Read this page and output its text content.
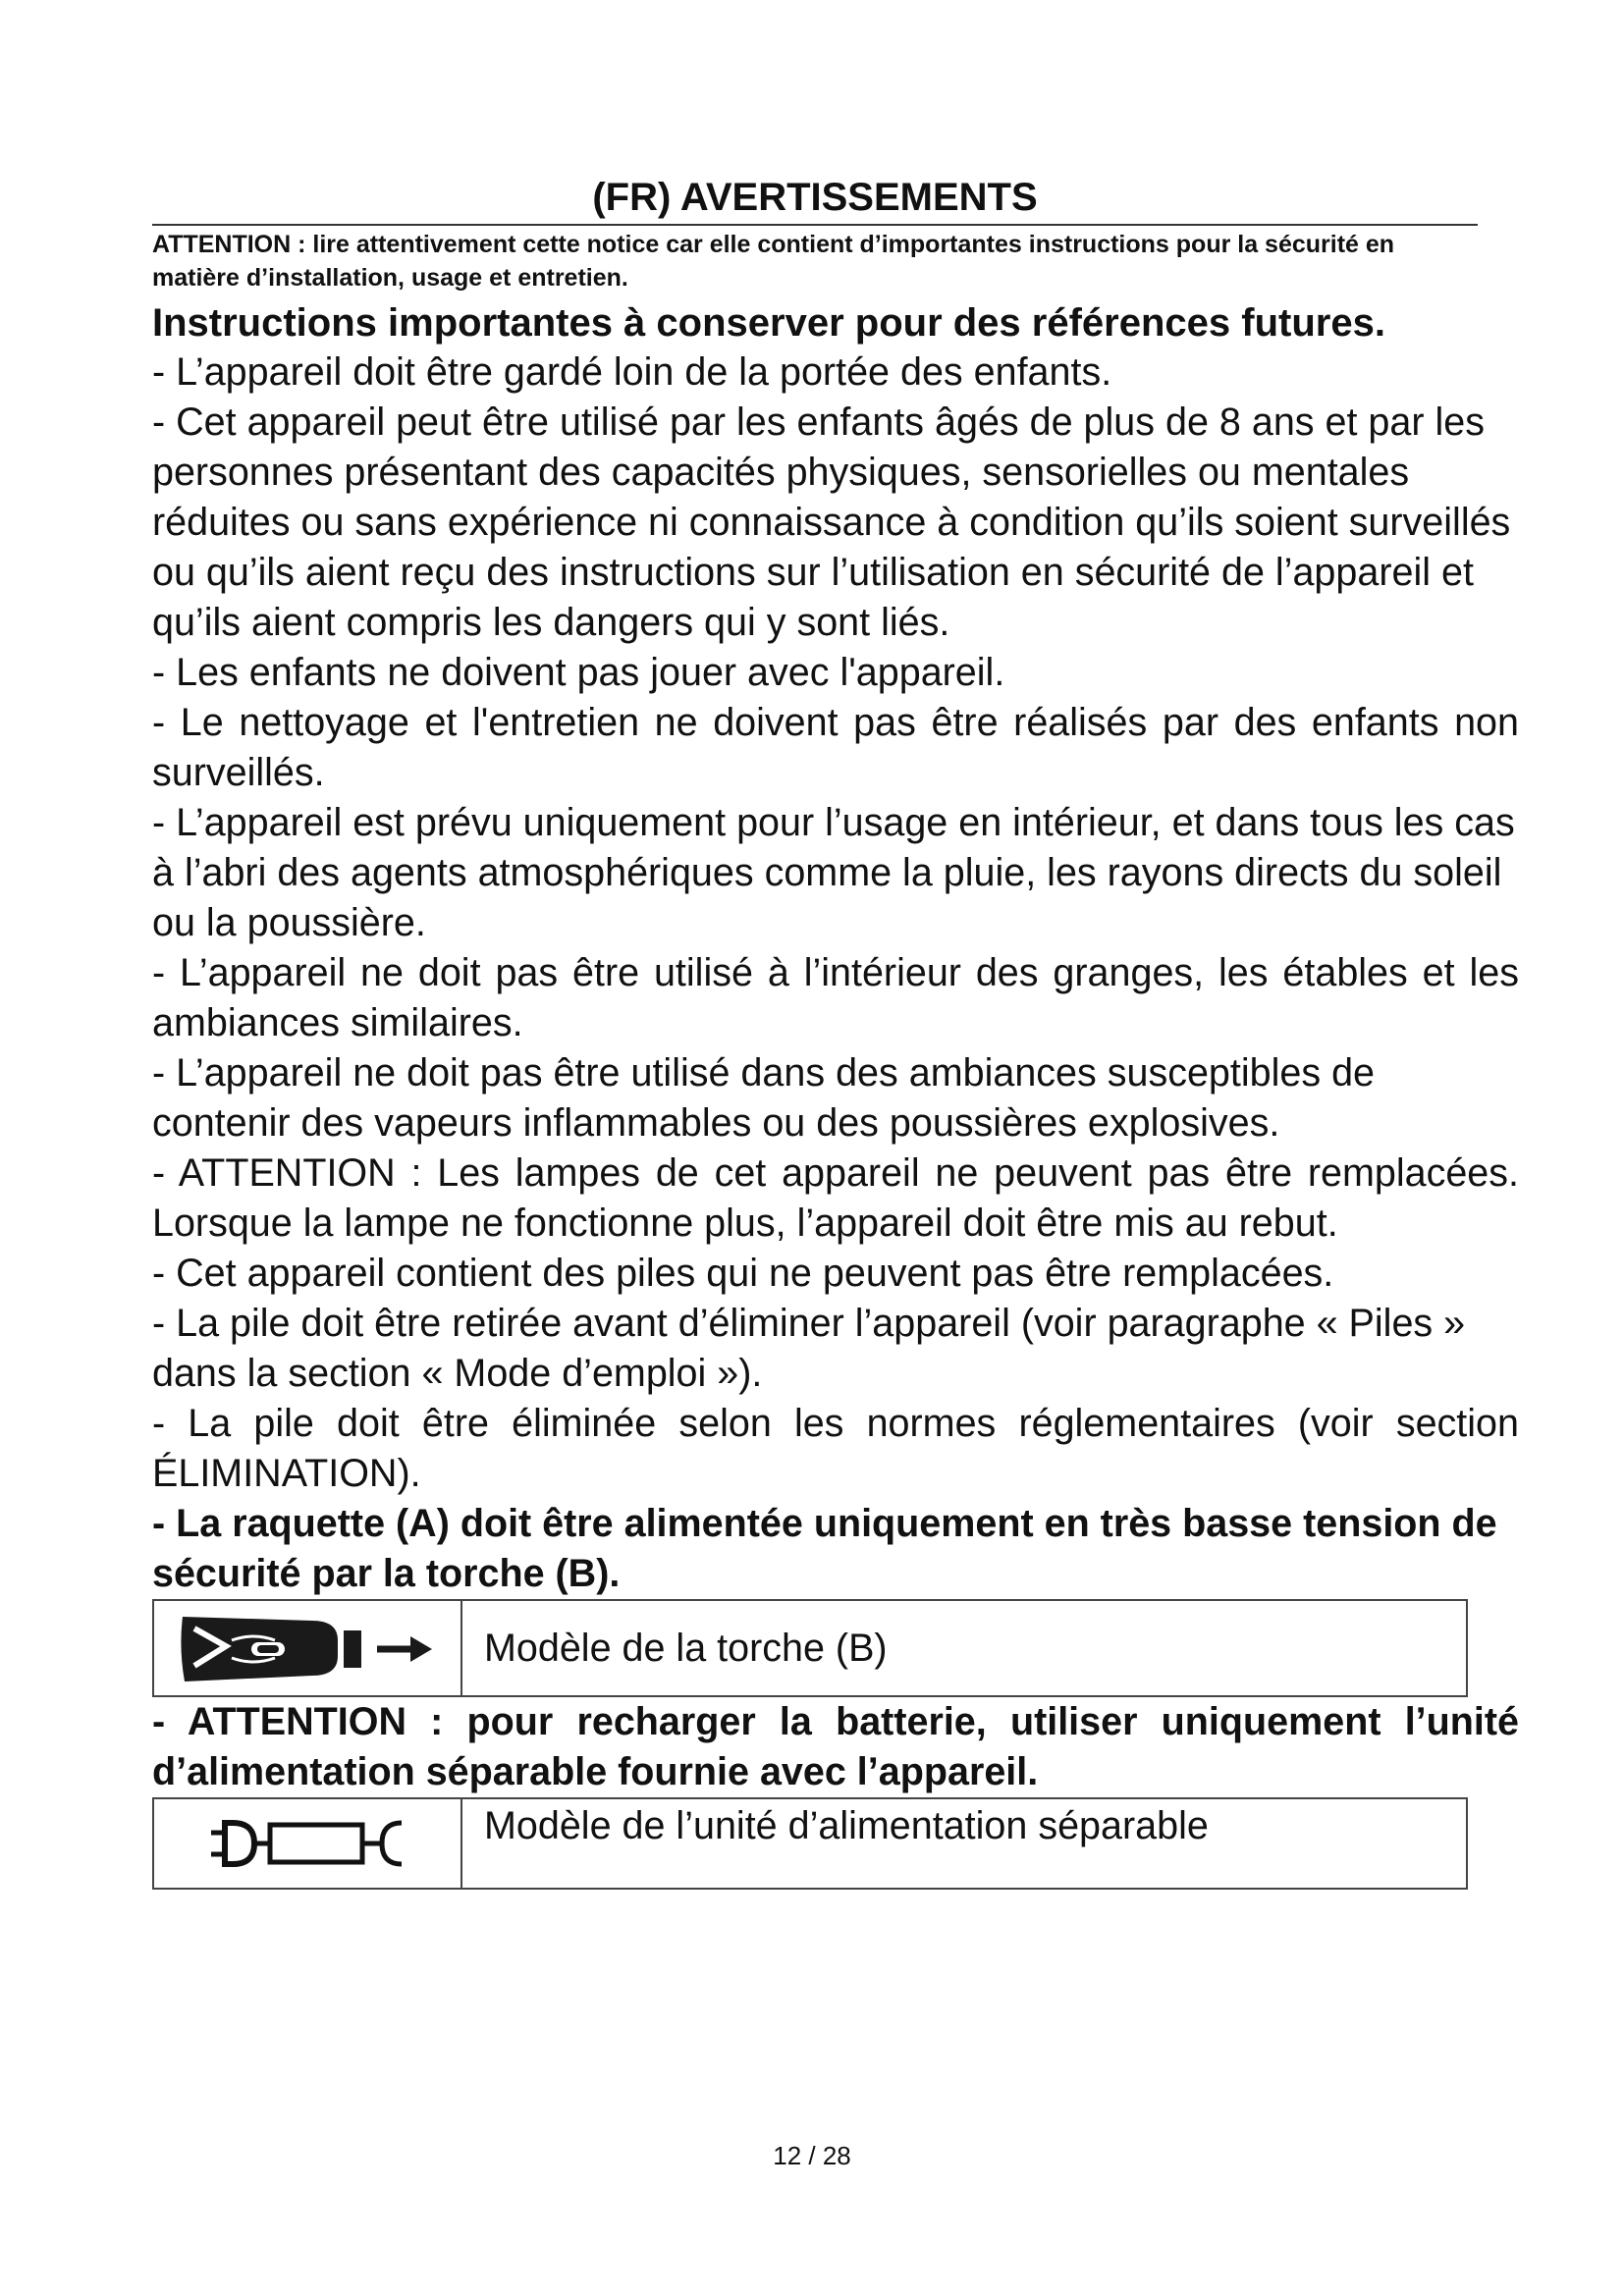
(FR) AVERTISSEMENTS

ATTENTION : lire attentivement cette notice car elle contient d’importantes instructions pour la sécurité en matière d’installation, usage et entretien.

Instructions importantes à conserver pour des références futures.

- L’appareil doit être gardé loin de la portée des enfants.

- Cet appareil peut être utilisé par les enfants âgés de plus de 8 ans et par les personnes présentant des capacités physiques, sensorielles ou mentales réduites ou sans expérience ni connaissance à condition qu’ils soient surveillés ou qu’ils aient reçu des instructions sur l’utilisation en sécurité de l’appareil et qu’ils aient compris les dangers qui y sont liés.

- Les enfants ne doivent pas jouer avec l'appareil.

- Le nettoyage et l'entretien ne doivent pas être réalisés par des enfants non surveillés.

- L’appareil est prévu uniquement pour l’usage en intérieur, et dans tous les cas à l’abri des agents atmosphériques comme la pluie, les rayons directs du soleil ou la poussière.

- L’appareil ne doit pas être utilisé à l’intérieur des granges, les étables et les ambiances similaires.

- L’appareil ne doit pas être utilisé dans des ambiances susceptibles de contenir des vapeurs inflammables ou des poussières explosives.

- ATTENTION : Les lampes de cet appareil ne peuvent pas être remplacées. Lorsque la lampe ne fonctionne plus, l’appareil doit être mis au rebut.

- Cet appareil contient des piles qui ne peuvent pas être remplacées.

- La pile doit être retirée avant d’éliminer l’appareil (voir paragraphe « Piles » dans la section « Mode d’emploi »).

- La pile doit être éliminée selon les normes réglementaires (voir section ÉLIMINATION).

- La raquette (A) doit être alimentée uniquement en très basse tension de sécurité par la torche (B).

Modèle de la torche (B)

- ATTENTION : pour recharger la batterie, utiliser uniquement l’unité d’alimentation séparable fournie avec l’appareil.

Modèle de l’unité d’alimentation séparable
12 / 28
